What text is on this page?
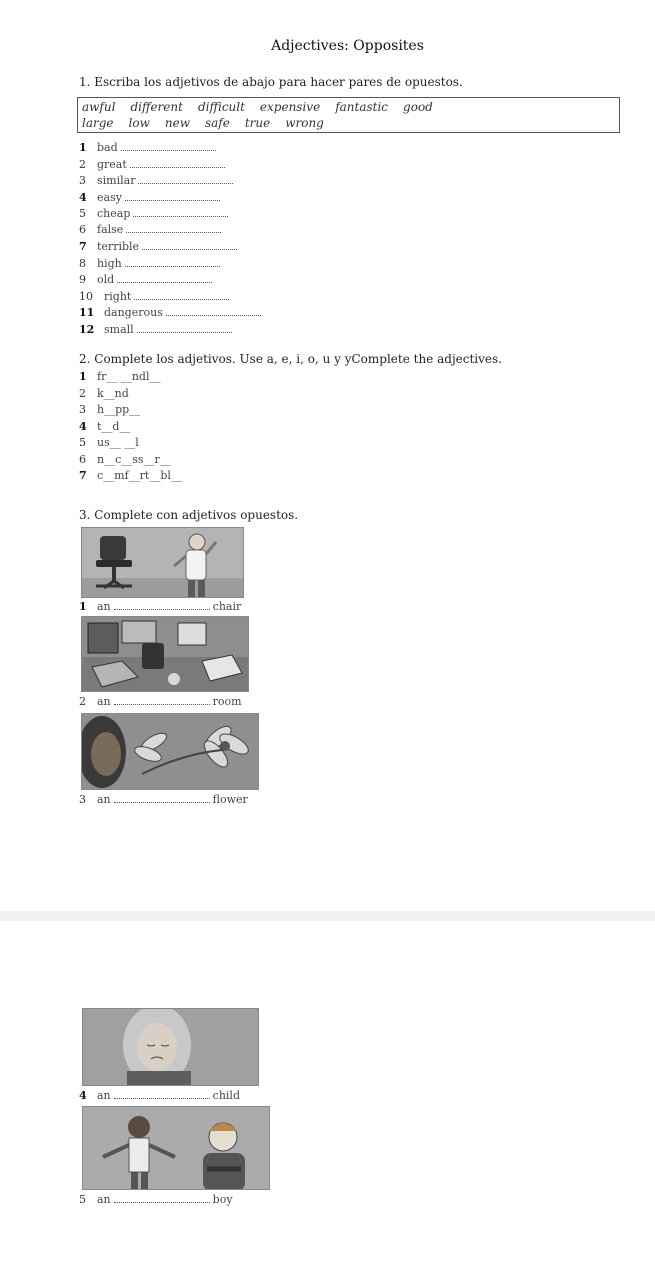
Adjectives: Opposites
1. Escriba los adjetivos de abajo para hacer pares de opuestos.
awful different difficult expensive fantastic good
large low new safe true wrong
1 bad
2 great
3 similar
4 easy
5 cheap
6 false
7 terrible
8 high
9 old
10 right
11 dangerous
12 small
2. Complete los adjetivos. Use a, e, i, o, u y yComplete the adjectives.
1 fr__ __ndl__
2 k__nd
3 h__pp__
4 t__d__
5 us__ __l
6 n__c__ss__r__
7 c__mf__rt__bl__
3. Complete con adjetivos opuestos.
1 an	chair
2 an	room
3 an	flower
4 an	child
5 an	boy
